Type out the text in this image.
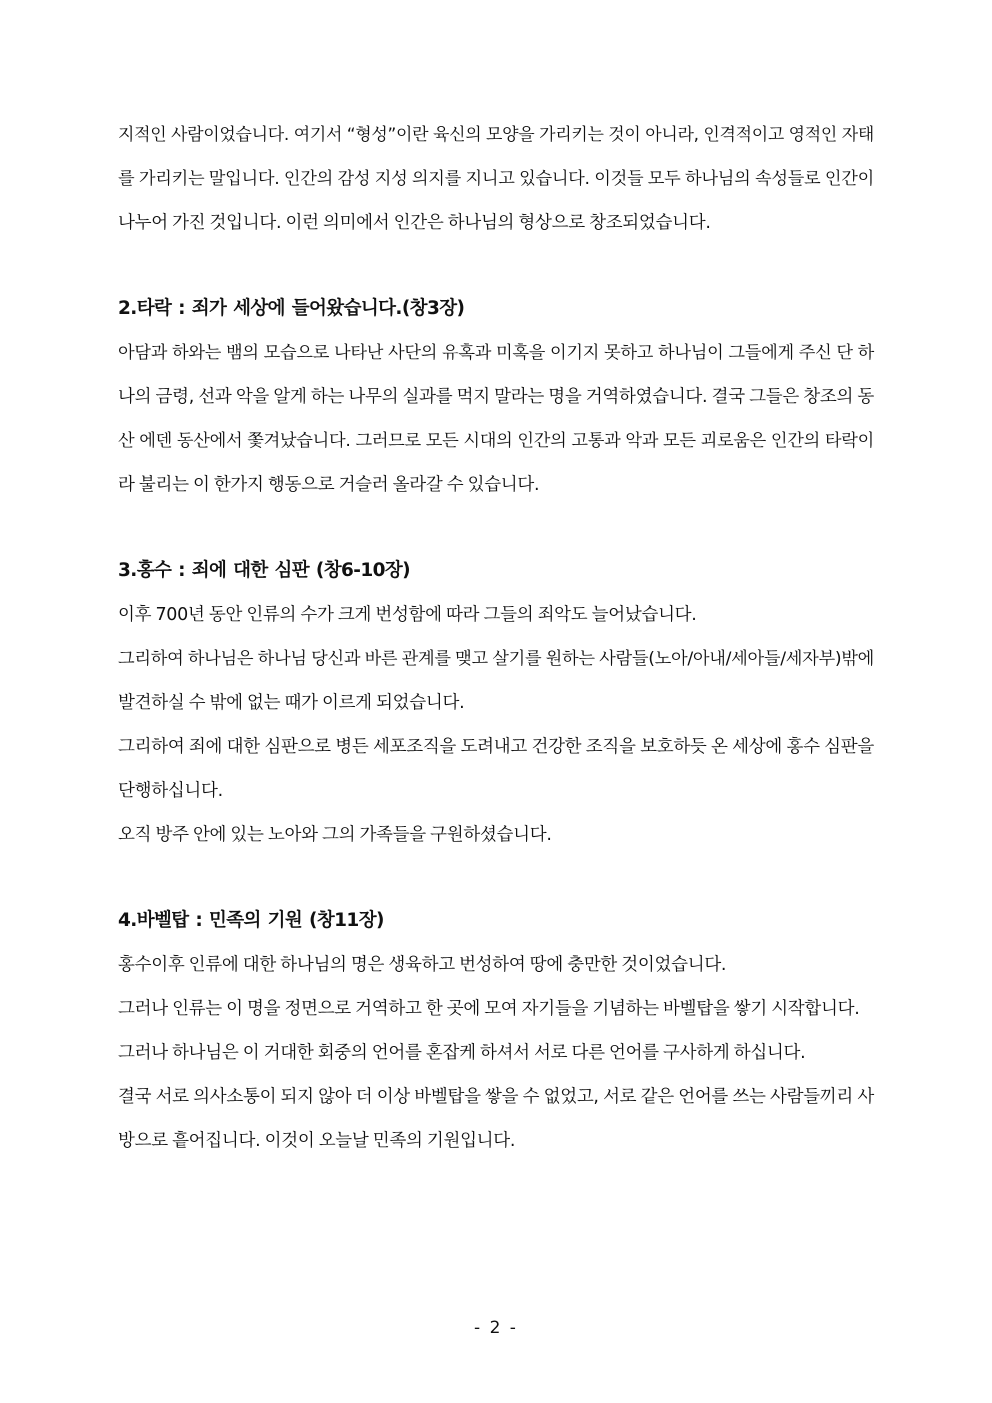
지적인 사람이었습니다. 여기서 “형성”이란 육신의 모양을 가리키는 것이 아니라, 인격적이고 영적인 자태
를 가리키는 말입니다. 인간의 감성 지성 의지를 지니고 있습니다. 이것들 모두 하나님의 속성들로 인간이
나누어 가진 것입니다. 이런 의미에서 인간은 하나님의 형상으로 창조되었습니다.
2.타락 : 죄가 세상에 들어왔습니다.(창3장)
아담과 하와는 뱀의 모습으로 나타난 사단의 유혹과 미혹을 이기지 못하고 하나님이 그들에게 주신 단 하
나의 금령, 선과 악을 알게 하는 나무의 실과를 먹지 말라는 명을 거역하였습니다. 결국 그들은 창조의 동
산 에덴 동산에서 쫓겨났습니다. 그러므로 모든 시대의 인간의 고통과 악과 모든 괴로움은 인간의 타락이
라 불리는 이 한가지 행동으로 거슬러 올라갈 수 있습니다.
3.홍수 : 죄에 대한 심판 (창6-10장)
이후 700년 동안 인류의 수가 크게 번성함에 따라 그들의 죄악도 늘어났습니다.
그리하여 하나님은 하나님 당신과 바른 관계를 맺고 살기를 원하는 사람들(노아/아내/세아들/세자부)밖에
발견하실 수 밖에 없는 때가 이르게 되었습니다.
그리하여 죄에 대한 심판으로 병든 세포조직을 도려내고 건강한 조직을 보호하듯 온 세상에 홍수 심판을
단행하십니다.
오직 방주 안에 있는 노아와 그의 가족들을 구원하셨습니다.
4.바벨탑 : 민족의 기원 (창11장)
홍수이후 인류에 대한 하나님의 명은 생육하고 번성하여 땅에 충만한 것이었습니다.
그러나 인류는 이 명을 정면으로 거역하고 한 곳에 모여 자기들을 기념하는 바벨탑을 쌓기 시작합니다.
그러나 하나님은 이 거대한 회중의 언어를 혼잡케 하셔서 서로 다른 언어를 구사하게 하십니다.
결국 서로 의사소통이 되지 않아 더 이상 바벨탑을 쌓을 수 없었고, 서로 같은 언어를 쓰는 사람들끼리 사
방으로 흩어집니다. 이것이 오늘날 민족의 기원입니다.
- 2 -
